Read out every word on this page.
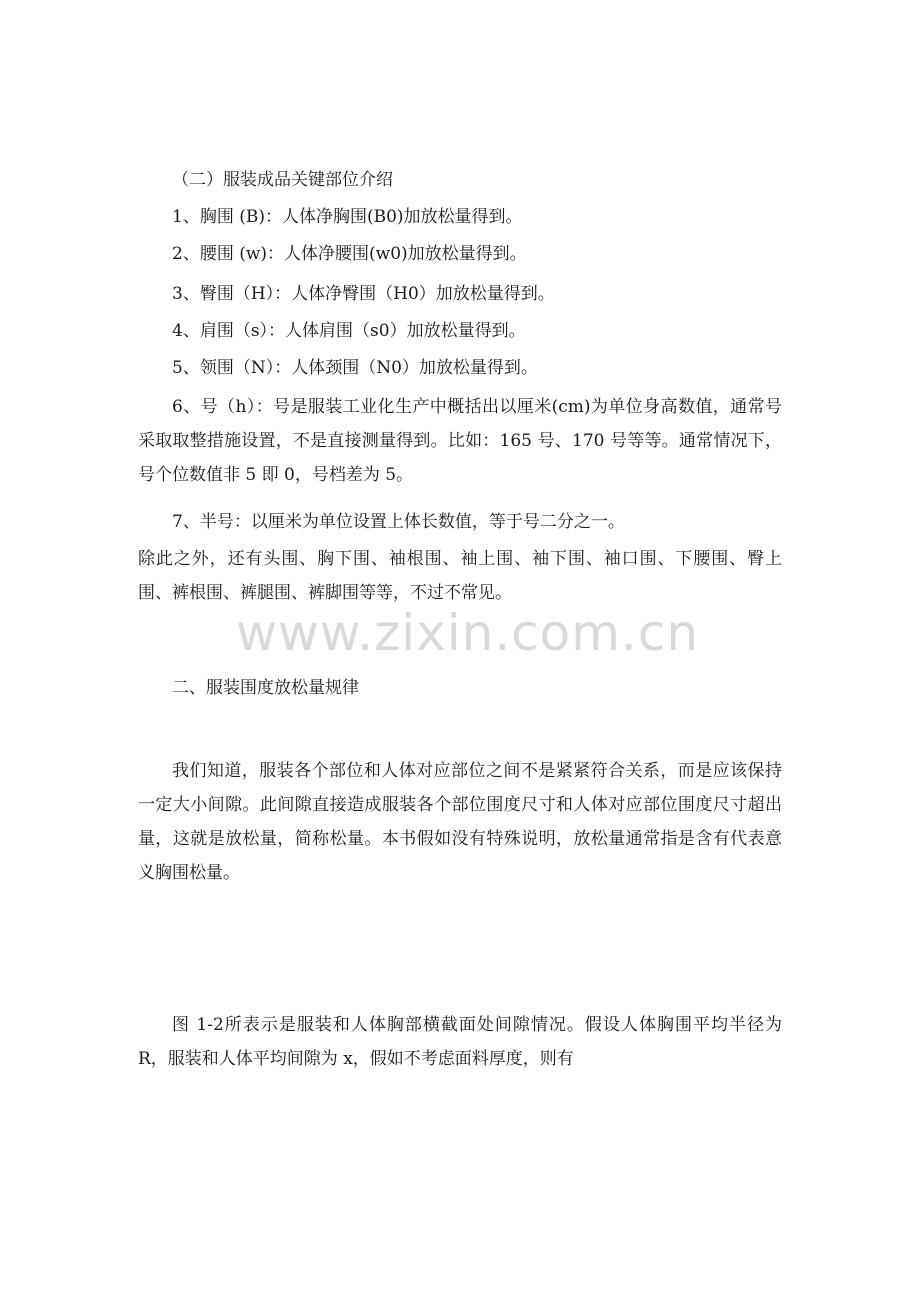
（二）服装成品关键部位介绍

1、胸围 (B)：人体净胸围(B0)加放松量得到。

2、腰围 (w)：人体净腰围(w0)加放松量得到。

3、臀围（H）：人体净臀围（H0）加放松量得到。

4、肩围（s）：人体肩围（s0）加放松量得到。

5、领围（N）：人体颈围（N0）加放松量得到。

6、号（h）：号是服装工业化生产中概括出以厘米(cm)为单位身高数值，通常号采取取整措施设置，不是直接测量得到。比如：165 号、170 号等等。通常情况下，号个位数值非 5 即 0，号档差为 5。

7、半号：以厘米为单位设置上体长数值，等于号二分之一。

除此之外，还有头围、胸下围、袖根围、袖上围、袖下围、袖口围、下腰围、臀上围、裤根围、裤腿围、裤脚围等等，不过不常见。

www.zixin.com.cn

二、服装围度放松量规律

我们知道，服装各个部位和人体对应部位之间不是紧紧符合关系，而是应该保持一定大小间隙。此间隙直接造成服装各个部位围度尺寸和人体对应部位围度尺寸超出量，这就是放松量，简称松量。本书假如没有特殊说明，放松量通常指是含有代表意义胸围松量。

图 1-2所表示是服装和人体胸部横截面处间隙情况。假设人体胸围平均半径为 R，服装和人体平均间隙为 x，假如不考虑面料厚度，则有
